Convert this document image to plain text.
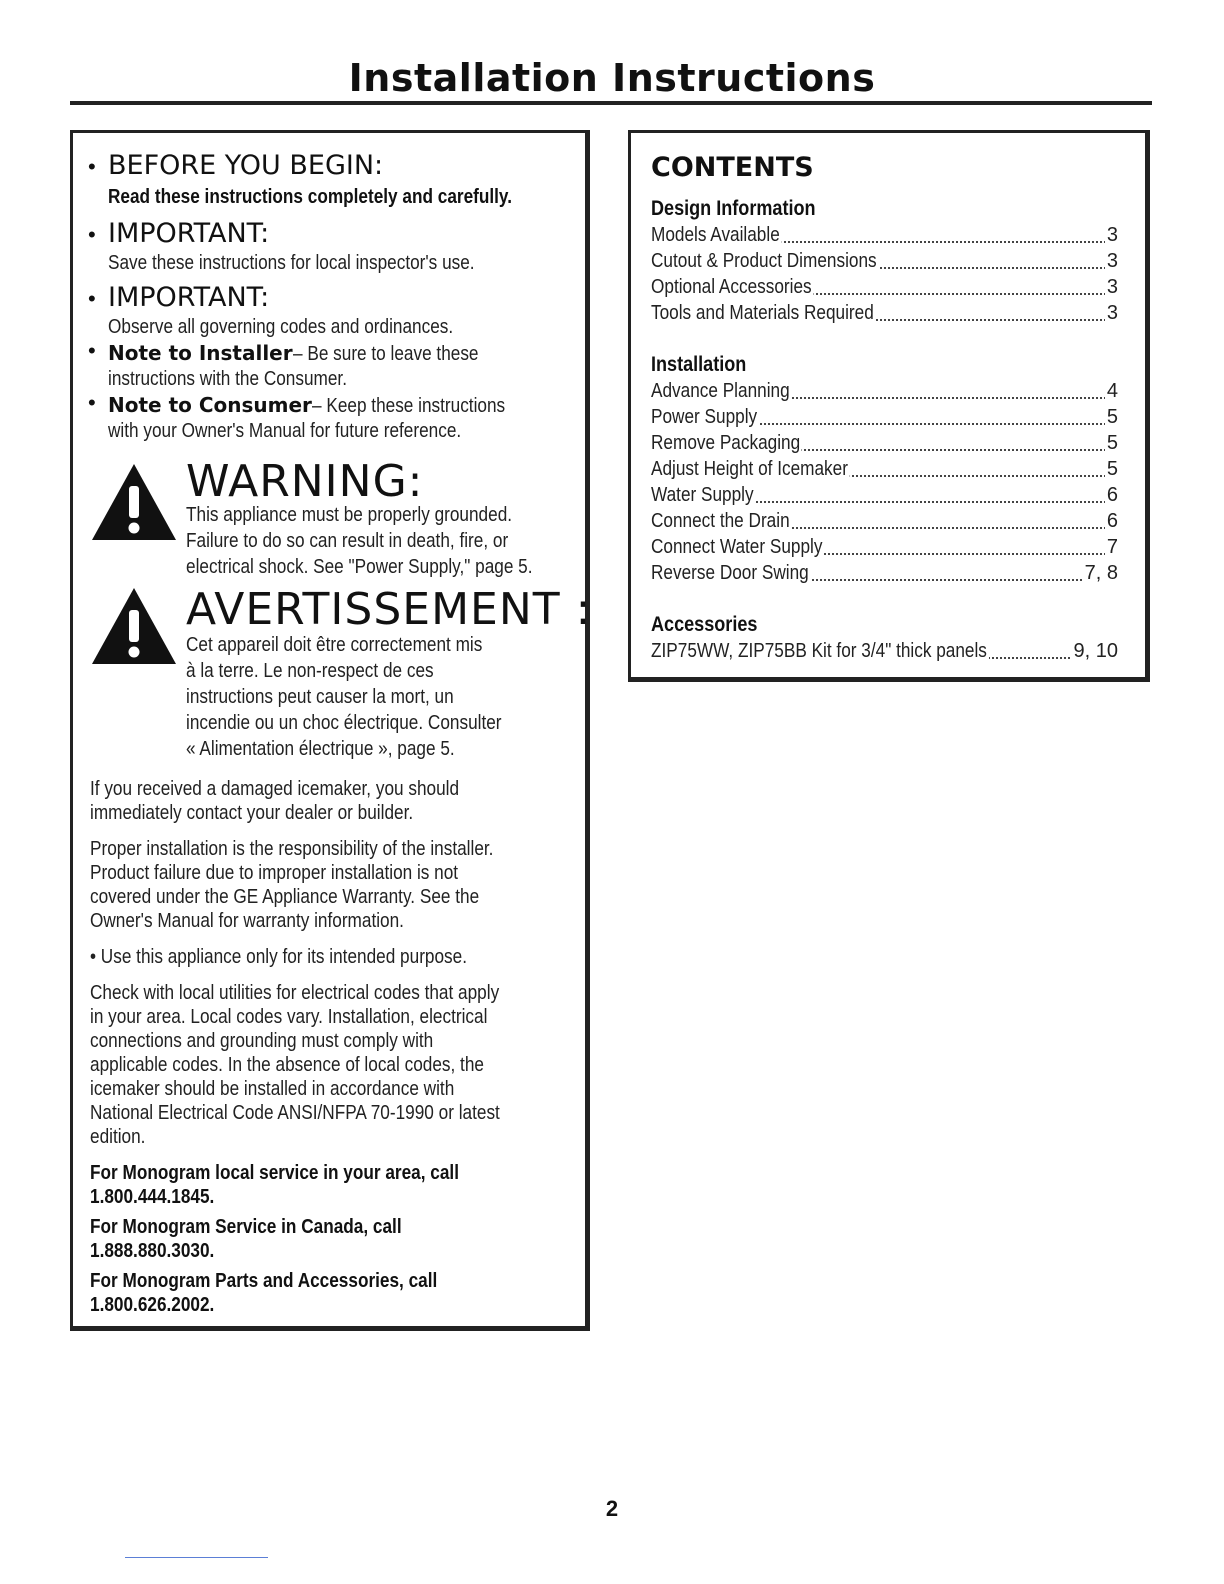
Installation Instructions
• BEFORE YOU BEGIN:
Read these instructions completely and carefully.
• IMPORTANT:
Save these instructions for local inspector's use.
• IMPORTANT:
Observe all governing codes and ordinances.
• Note to Installer– Be sure to leave these
instructions with the Consumer.
• Note to Consumer– Keep these instructions
with your Owner's Manual for future reference.
WARNING:
This appliance must be properly grounded.
Failure to do so can result in death, fire, or
electrical shock. See "Power Supply," page 5.
AVERTISSEMENT :
Cet appareil doit être correctement mis
à la terre. Le non-respect de ces
instructions peut causer la mort, un
incendie ou un choc électrique. Consulter
« Alimentation électrique », page 5.
If you received a damaged icemaker, you should
immediately contact your dealer or builder.
Proper installation is the responsibility of the installer.
Product failure due to improper installation is not
covered under the GE Appliance Warranty. See the
Owner's Manual for warranty information.
• Use this appliance only for its intended purpose.
Check with local utilities for electrical codes that apply
in your area. Local codes vary. Installation, electrical
connections and grounding must comply with
applicable codes. In the absence of local codes, the
icemaker should be installed in accordance with
National Electrical Code ANSI/NFPA 70-1990 or latest
edition.
For Monogram local service in your area, call
1.800.444.1845.
For Monogram Service in Canada, call
1.888.880.3030.
For Monogram Parts and Accessories, call
1.800.626.2002.
CONTENTS
Design Information
Models Available	3
Cutout & Product Dimensions	3
Optional Accessories	3
Tools and Materials Required	3
Installation
Advance Planning	4
Power Supply	5
Remove Packaging	5
Adjust Height of Icemaker	5
Water Supply	6
Connect the Drain	6
Connect Water Supply	7
Reverse Door Swing	7, 8
Accessories
ZIP75WW, ZIP75BB Kit for 3/4" thick panels	9, 10
2
